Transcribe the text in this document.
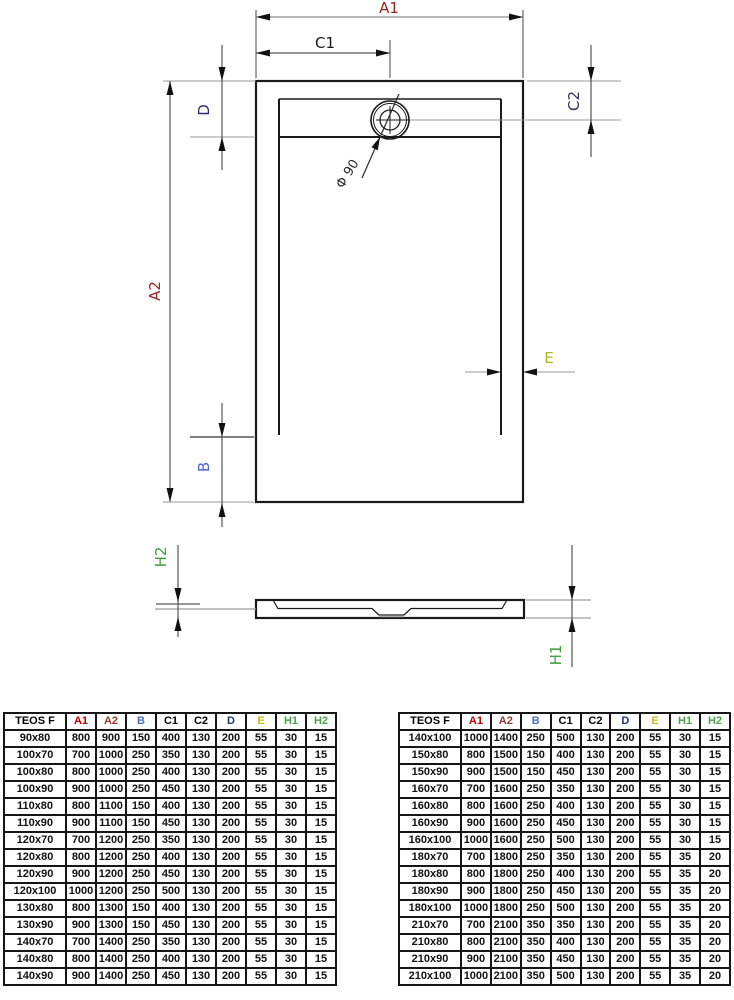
Φ 90
A1
C1
D	C2
A2
B
E
H2
H1
TEOS F	A1	A2	B	C1	C2	D	E	H1	H2
90x80	800	900	150	400	130	200	55	30	15
100x70	700	1000	250	350	130	200	55	30	15
100x80	800	1000	250	400	130	200	55	30	15
100x90	900	1000	250	450	130	200	55	30	15
110x80	800	1100	150	400	130	200	55	30	15
110x90	900	1100	150	450	130	200	55	30	15
120x70	700	1200	250	350	130	200	55	30	15
120x80	800	1200	250	400	130	200	55	30	15
120x90	900	1200	250	450	130	200	55	30	15
120x100	1000	1200	250	500	130	200	55	30	15
130x80	800	1300	150	400	130	200	55	30	15
130x90	900	1300	150	450	130	200	55	30	15
140x70	700	1400	250	350	130	200	55	30	15
140x80	800	1400	250	400	130	200	55	30	15
140x90	900	1400	250	450	130	200	55	30	15
TEOS F	A1	A2	B	C1	C2	D	E	H1	H2
140x100	1000	1400	250	500	130	200	55	30	15
150x80	800	1500	150	400	130	200	55	30	15
150x90	900	1500	150	450	130	200	55	30	15
160x70	700	1600	250	350	130	200	55	30	15
160x80	800	1600	250	400	130	200	55	30	15
160x90	900	1600	250	450	130	200	55	30	15
160x100	1000	1600	250	500	130	200	55	30	15
180x70	700	1800	250	350	130	200	55	35	20
180x80	800	1800	250	400	130	200	55	35	20
180x90	900	1800	250	450	130	200	55	35	20
180x100	1000	1800	250	500	130	200	55	35	20
210x70	700	2100	350	350	130	200	55	35	20
210x80	800	2100	350	400	130	200	55	35	20
210x90	900	2100	350	450	130	200	55	35	20
210x100	1000	2100	350	500	130	200	55	35	20
